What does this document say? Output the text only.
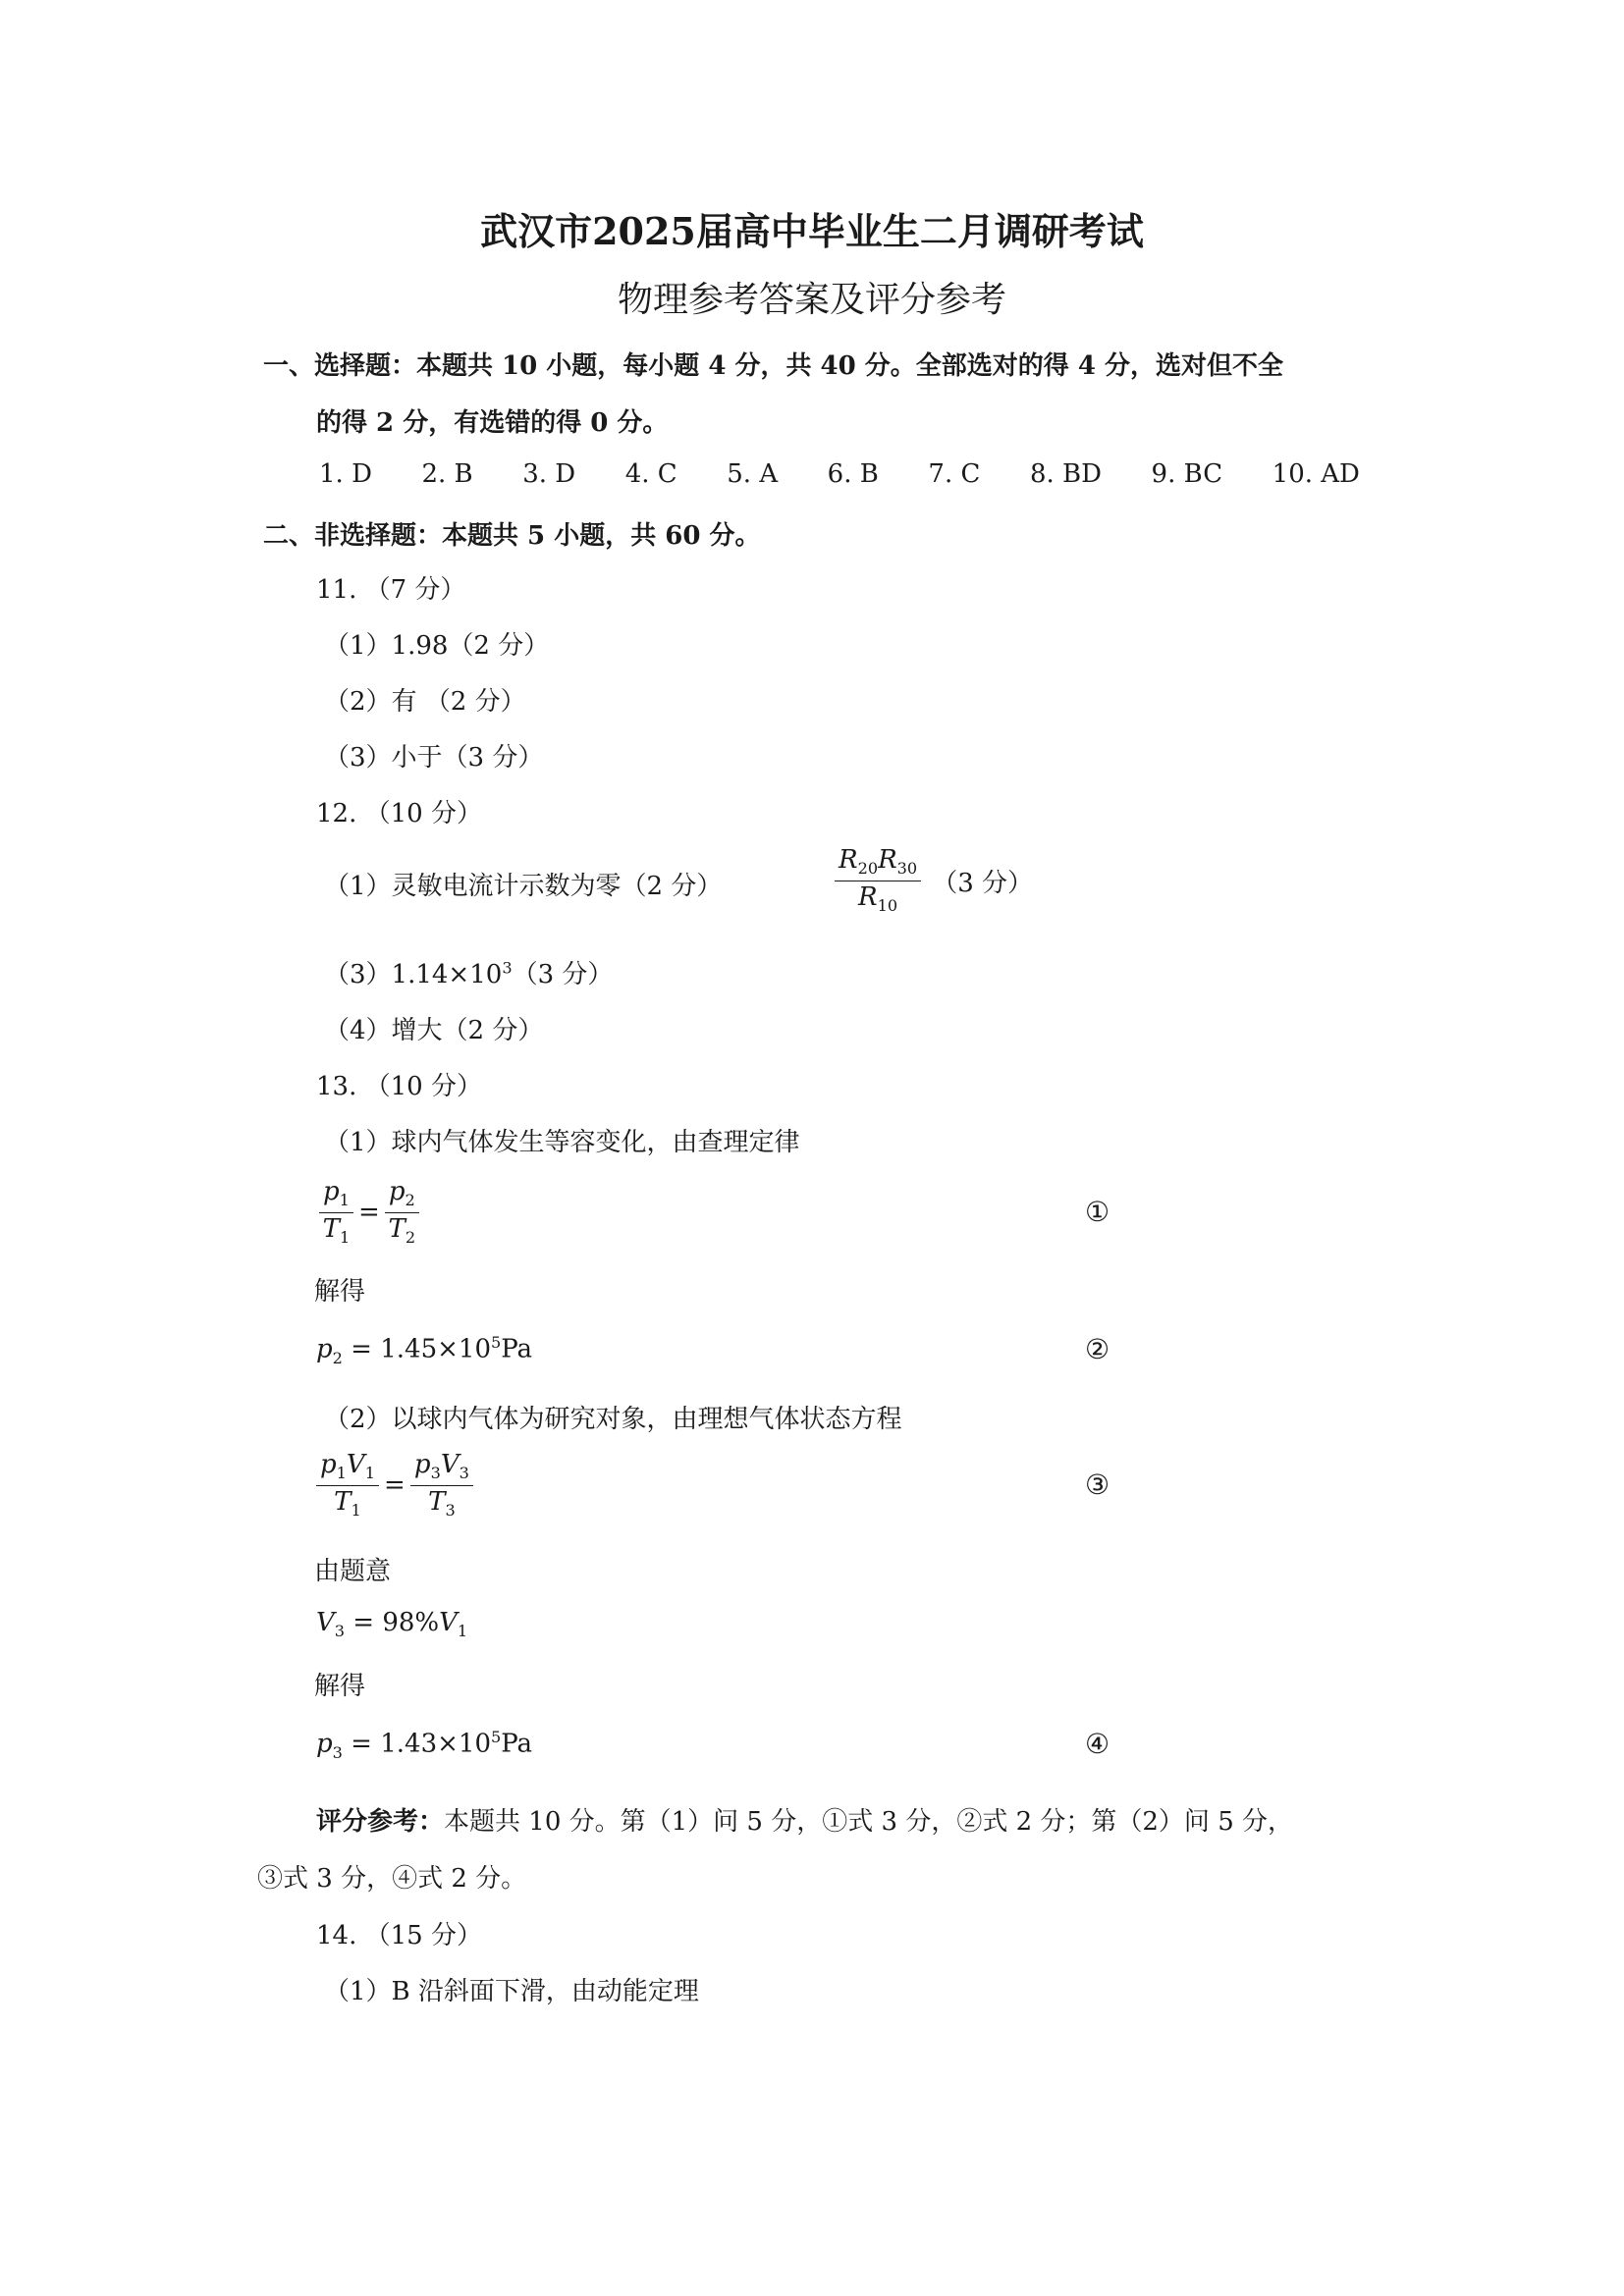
武汉市2025届高中毕业生二月调研考试
物理参考答案及评分参考
一、选择题：本题共 10 小题，每小题 4 分，共 40 分。全部选对的得 4 分，选对但不全
的得 2 分，有选错的得 0 分。
1. D 2. B 3. D 4. C 5. A 6. B 7. C 8. BD 9. BC 10. AD
二、非选择题：本题共 5 小题，共 60 分。
11. （7 分）
（1）1.98（2 分）
（2）有 （2 分）
（3）小于（3 分）
12. （10 分）
（1）灵敏电流计示数为零（2 分）	$\frac{R_{20}R_{30}}{R_{10}} (3$ 分）
$(3)1.14\times 10^3(3$ 分）
（4）增大（2 分）
13. （10 分）
（1）球内气体发生等容变化，由查理定律
$\frac{p_1}{T_1} = \frac{p_2}{T_2}$	①
解得
$p_2 = 1.45\times 10^5Pa$	②
（2）以球内气体为研究对象，由理想气体状态方程
$\frac{p_1V_1}{T_1} = \frac{p_3V_3}{T_3}$	③
由题意
$V_3 = 98\%V_1$
解得
$p_3 = 1.43\times 10^5Pa$	④
评分参考：本题共 10 分。第（1）问 5 分，①式 3 分，②式 2 分；第（2）问 5 分，
③式 3 分，④式 2 分。
14. （15 分）
（1）B 沿斜面下滑，由动能定理
